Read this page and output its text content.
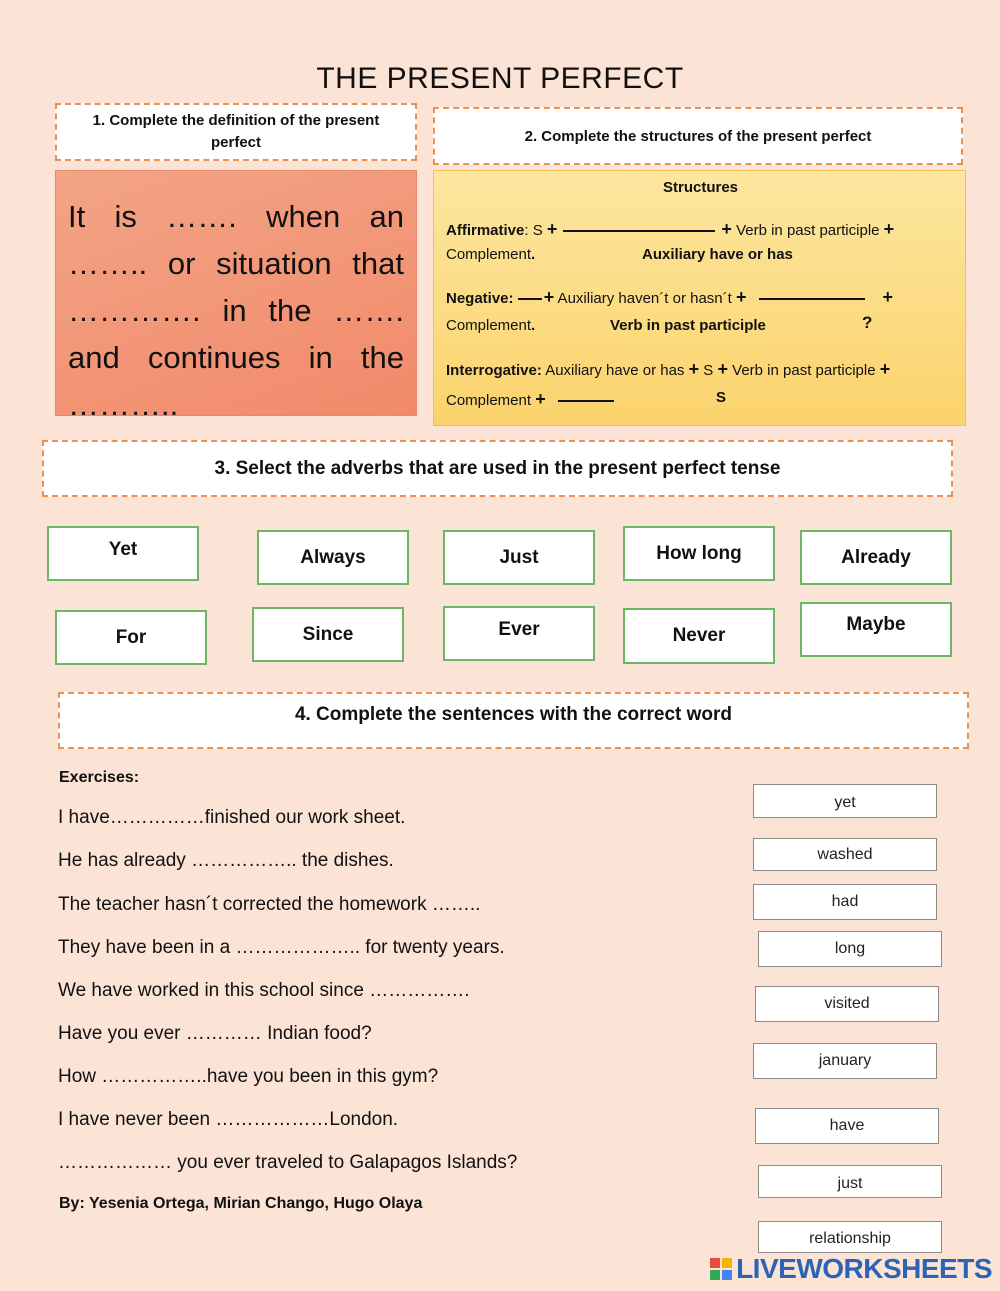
THE PRESENT PERFECT
1. Complete the definition of the present perfect
It is ……. when an …….. or situation that …………. in the ……. and continues in the ………..
2. Complete the structures of the present perfect
Structures
Affirmative: S +	+ Verb in past participle +
Complement.	Auxiliary have or has
Negative: + Auxiliary haven´t or hasn´t +	+
Complement.	Verb in past participle	?
Interrogative: Auxiliary have or has + S + Verb in past participle +
Complement +	S
3. Select the adverbs that are used in the present perfect tense
Yet	Always	Just	How long	Already
For	Since	Ever	Never
Maybe
4. Complete the sentences with the correct word
Exercises:
I have……………finished our work sheet.
He has already …………….. the dishes.
The teacher hasn´t corrected the homework ……..
They have been in a ……………….. for twenty years.
We have worked in this school since …………….
Have you ever ………… Indian food?
How ……………..have you been in this gym?
I have never been ………………London.
……………… you ever traveled to Galapagos Islands?
By: Yesenia Ortega, Mirian Chango, Hugo Olaya
yet
washed
had
long
visited
january
have
just
relationship
LIVEWORKSHEETS
